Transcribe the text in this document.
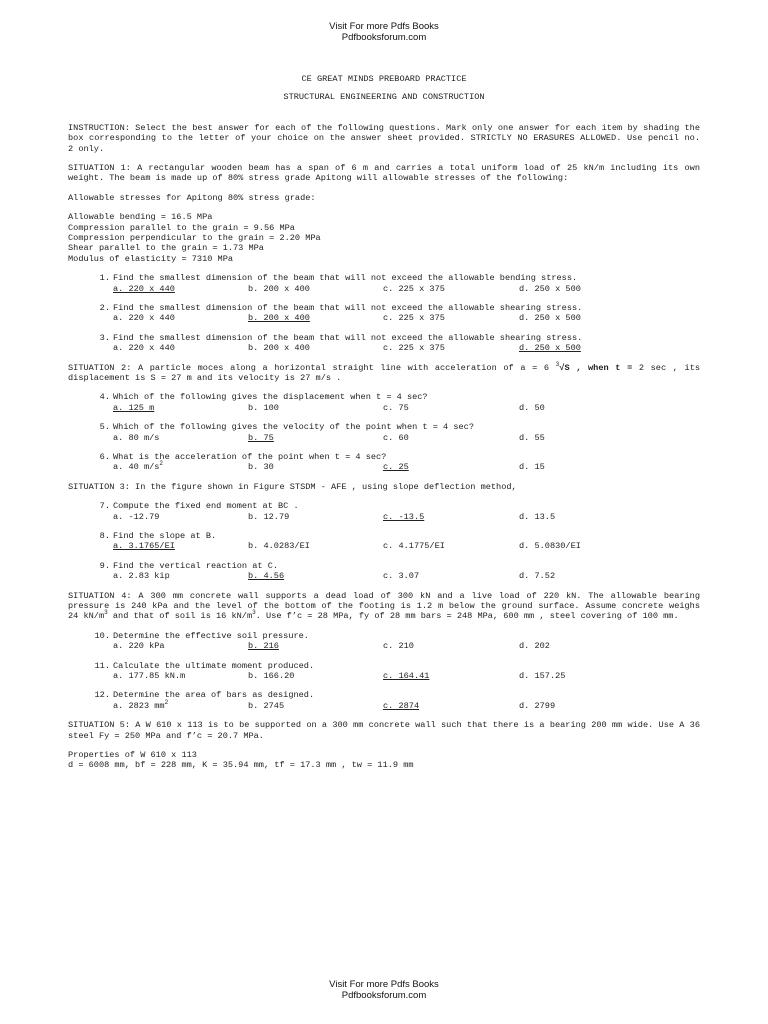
Visit For more Pdfs Books
Pdfbooksforum.com
CE GREAT MINDS PREBOARD PRACTICE
STRUCTURAL ENGINEERING AND CONSTRUCTION

INSTRUCTION: Select the best answer for each of the following questions. Mark only one answer for each item by shading the box corresponding to the letter of your choice on the answer sheet provided. STRICTLY NO ERASURES ALLOWED. Use pencil no. 2 only.

SITUATION 1: A rectangular wooden beam has a span of 6 m and carries a total uniform load of 25 kN/m including its own weight. The beam is made up of 80% stress grade Apitong will allowable stresses of the following:

Allowable stresses for Apitong 80% stress grade:

Allowable bending = 16.5 MPa
Compression parallel to the grain = 9.56 MPa
Compression perpendicular to the grain = 2.20 MPa
Shear parallel to the grain = 1.73 MPa
Modulus of elasticity = 7310 MPa
1. Find the smallest dimension of the beam that will not exceed the allowable bending stress.
a. 220 x 440	b. 200 x 400	c. 225 x 375	d. 250 x 500
2. Find the smallest dimension of the beam that will not exceed the allowable shearing stress.
a. 220 x 440	b. 200 x 400	c. 225 x 375	d. 250 x 500
3. Find the smallest dimension of the beam that will not exceed the allowable shearing stress.
a. 220 x 440	b. 200 x 400	c. 225 x 375	d. 250 x 500

SITUATION 2: A particle moces along a horizontal straight line with acceleration of a = 6 $^3$√S , when t = 2 sec , its displacement is S = 27 m and its velocity is 27 m/s .

4. Which of the following gives the displacement when t = 4 sec?
a. 125 m	b. 100	c. 75	d. 50
5. Which of the following gives the velocity of the point when t = 4 sec?
a. 80 m/s	b. 75	c. 60	d. 55
6. What is the acceleration of the point when t = 4 sec?
a. 40 $m/s^2$	b. 30	c. 25	d. 15

SITUATION 3: In the figure shown in Figure STSDM - AFE , using slope deflection method,

7. Compute the fixed end moment at BC .
a. -12.79	b. 12.79	c. -13.5	d. 13.5
8. Find the slope at B.
a. 3.1765/EI	b. 4.0283/EI	c. 4.1775/EI	d. 5.0830/EI
9. Find the vertical reaction at C.
a. 2.83 kip	b. 4.56	c. 3.07	d. 7.52

SITUATION 4: A 300 mm concrete wall supports a dead load of 300 kN and a live load of 220 kN. The allowable bearing pressure is 240 kPa and the level of the bottom of the footing is 1.2 m below the ground surface. Assume concrete weighs 24 $kN/m^3$ and that of soil is 16 $kN/m^3$. Use f’c = 28 MPa, fy of 28 mm bars = 248 MPa, 600 mm , steel covering of 100 mm.

10. Determine the effective soil pressure.
a. 220 kPa	b. 216	c. 210	d. 202
11. Calculate the ultimate moment produced.
a. 177.85 kN.m	b. 166.20	c. 164.41	d. 157.25
12. Determine the area of bars as designed.
a. 2823 $mm^2$	b. 2745	c. 2874	d. 2799

SITUATION 5: A W 610 x 113 is to be supported on a 300 mm concrete wall such that there is a bearing 200 mm wide. Use A 36 steel Fy = 250 MPa and f’c = 20.7 MPa.

Properties of W 610 x 113
d = 6008 mm, bf = 228 mm, K = 35.94 mm, tf = 17.3 mm , tw = 11.9 mm
Visit For more Pdfs Books
Pdfbooksforum.com
